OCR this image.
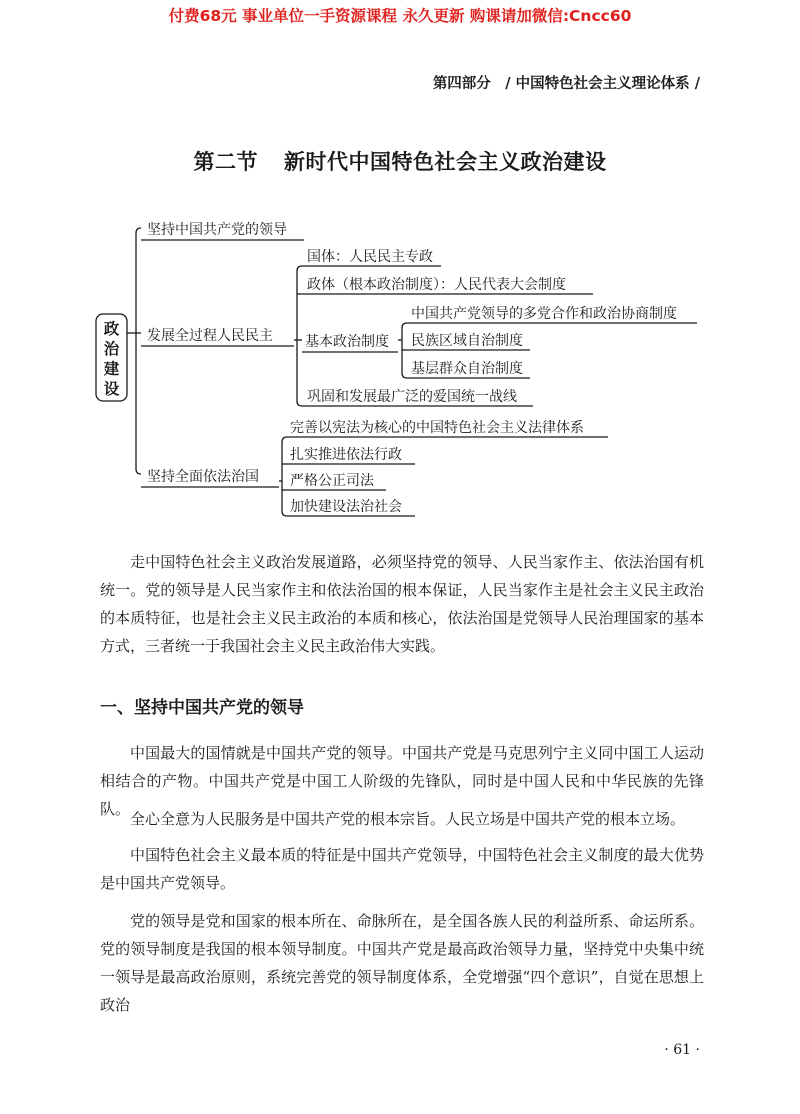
付费68元 事业单位一手资源课程 永久更新 购课请加微信:Cncc60
第四部分　/ 中国特色社会主义理论体系 /
第二节 新时代中国特色社会主义政治建设
政
治
建
设
坚持中国共产党的领导
发展全过程人民民主
坚持全面依法治国
国体：人民民主专政
政体（根本政治制度）：人民代表大会制度
基本政治制度
巩固和发展最广泛的爱国统一战线
中国共产党领导的多党合作和政治协商制度
民族区域自治制度
基层群众自治制度
完善以宪法为核心的中国特色社会主义法律体系
扎实推进依法行政
严格公正司法
加快建设法治社会

走中国特色社会主义政治发展道路，必须坚持党的领导、人民当家作主、依法治国有机统一。党的领导是人民当家作主和依法治国的根本保证，人民当家作主是社会主义民主政治的本质特征，也是社会主义民主政治的本质和核心，依法治国是党领导人民治理国家的基本方式，三者统一于我国社会主义民主政治伟大实践。

一、坚持中国共产党的领导

中国最大的国情就是中国共产党的领导。中国共产党是马克思列宁主义同中国工人运动相结合的产物。中国共产党是中国工人阶级的先锋队，同时是中国人民和中华民族的先锋队。

全心全意为人民服务是中国共产党的根本宗旨。人民立场是中国共产党的根本立场。

中国特色社会主义最本质的特征是中国共产党领导，中国特色社会主义制度的最大优势是中国共产党领导。

党的领导是党和国家的根本所在、命脉所在，是全国各族人民的利益所系、命运所系。党的领导制度是我国的根本领导制度。中国共产党是最高政治领导力量，坚持党中央集中统一领导是最高政治原则，系统完善党的领导制度体系，全党增强“四个意识”，自觉在思想上政治

· 61 ·
